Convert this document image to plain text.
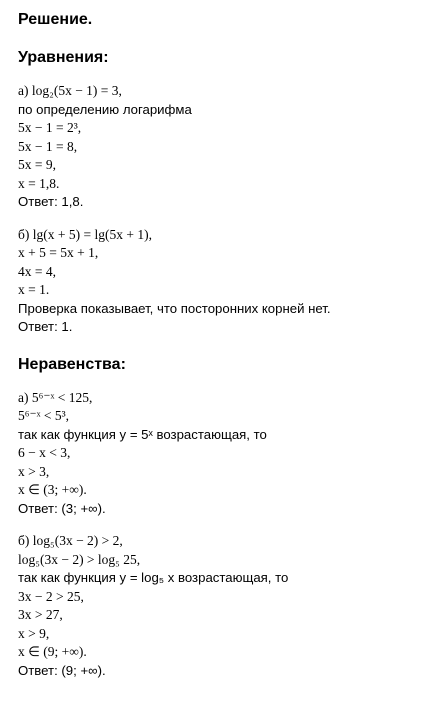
Решение.
Уравнения:
а) log₂(5x − 1) = 3,
по определению логарифма
5x − 1 = 2³,
5x − 1 = 8,
5x = 9,
x = 1,8.
Ответ: 1,8.
б) lg(x + 5) = lg(5x + 1),
x + 5 = 5x + 1,
4x = 4,
x = 1.
Проверка показывает, что посторонних корней нет.
Ответ: 1.
Неравенства:
а) 5⁶⁻ˣ < 125,
5⁶⁻ˣ < 5³,
так как функция y = 5ˣ возрастающая, то
6 − x < 3,
x > 3,
x ∈ (3; +∞).
Ответ: (3; +∞).
б) log₅(3x − 2) > 2,
log₅(3x − 2) > log₅ 25,
так как функция y = log₅ x возрастающая, то
3x − 2 > 25,
3x > 27,
x > 9,
x ∈ (9; +∞).
Ответ: (9; +∞).
